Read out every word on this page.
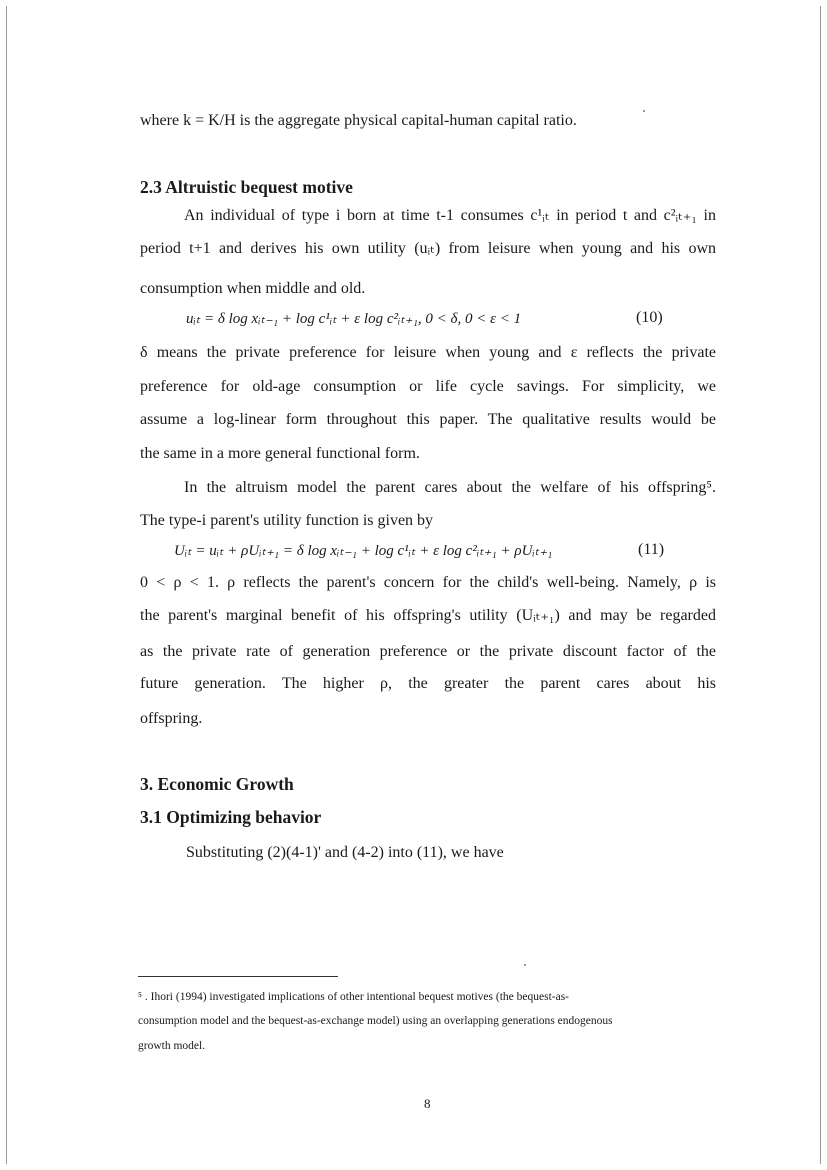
where k = K/H is the aggregate physical capital-human capital ratio.
2.3 Altruistic bequest motive
An individual of type i born at time t-1 consumes c¹ᵢₜ in period t and c²ᵢₜ₊₁ in
period t+1 and derives his own utility (uᵢₜ) from leisure when young and his own
consumption when middle and old.
uᵢₜ = δ log xᵢₜ₋₁ + log c¹ᵢₜ + ε log c²ᵢₜ₊₁, 0 < δ, 0 < ε < 1	(10)
δ means the private preference for leisure when young and ε reflects the private
preference for old-age consumption or life cycle savings. For simplicity, we
assume a log-linear form throughout this paper. The qualitative results would be
the same in a more general functional form.
In the altruism model the parent cares about the welfare of his offspring⁵.
The type-i parent's utility function is given by
Uᵢₜ = uᵢₜ + ρUᵢₜ₊₁ = δ log xᵢₜ₋₁ + log c¹ᵢₜ + ε log c²ᵢₜ₊₁ + ρUᵢₜ₊₁	(11)
0 < ρ < 1. ρ reflects the parent's concern for the child's well-being. Namely, ρ is
the parent's marginal benefit of his offspring's utility (Uᵢₜ₊₁) and may be regarded
as the private rate of generation preference or the private discount factor of the
future generation. The higher ρ, the greater the parent cares about his
offspring.
3. Economic Growth
3.1 Optimizing behavior
Substituting (2)(4-1)' and (4-2) into (11), we have
⁵ . Ihori (1994) investigated implications of other intentional bequest motives (the bequest-as-
consumption model and the bequest-as-exchange model) using an overlapping generations endogenous
growth model.
8
